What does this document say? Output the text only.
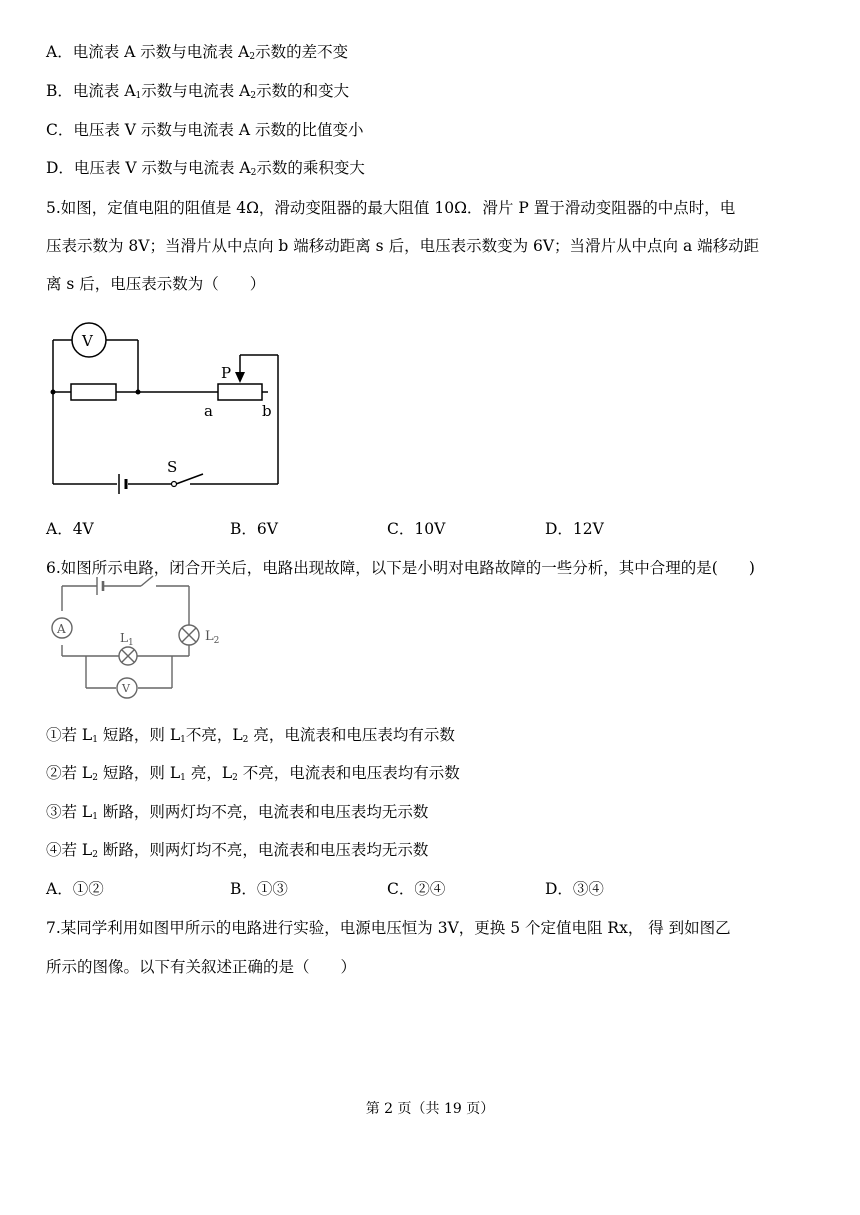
A．电流表 A 示数与电流表 $A_2$示数的差不变
B．电流表 $A_1$示数与电流表 $A_2$示数的和变大
C．电压表 V 示数与电流表 A 示数的比值变小
D．电压表 V 示数与电流表 $A_2$示数的乘积变大
5.如图，定值电阻的阻值是 4Ω，滑动变阻器的最大阻值 10Ω．滑片 P 置于滑动变阻器的中点时，电
压表示数为 8V；当滑片从中点向 b 端移动距离 s 后，电压表示数变为 6V；当滑片从中点向 a 端移动距
离 s 后，电压表示数为（　　）
V
P
a	b
S
A．4V	B．6V	C．10V	D．12V
6.如图所示电路，闭合开关后，电路出现故障，以下是小明对电路故障的一些分析，其中合理的是(　　)
A	$L_2$
$L_1$
V
①若 $L_1$ 短路，则 $L_1$不亮，$L_2$ 亮，电流表和电压表均有示数
②若 $L_2$ 短路，则 $L_1$ 亮，$L_2$ 不亮，电流表和电压表均有示数
③若 $L_1$ 断路，则两灯均不亮，电流表和电压表均无示数
④若 $L_2$ 断路，则两灯均不亮，电流表和电压表均无示数
A．①②	B．①③	C．②④	D．③④
7.某同学利用如图甲所示的电路进行实验，电源电压恒为 3V，更换 5 个定值电阻 Rx， 得 到如图乙
所示的图像。以下有关叙述正确的是（　　）
第 2 页（共 19 页）
